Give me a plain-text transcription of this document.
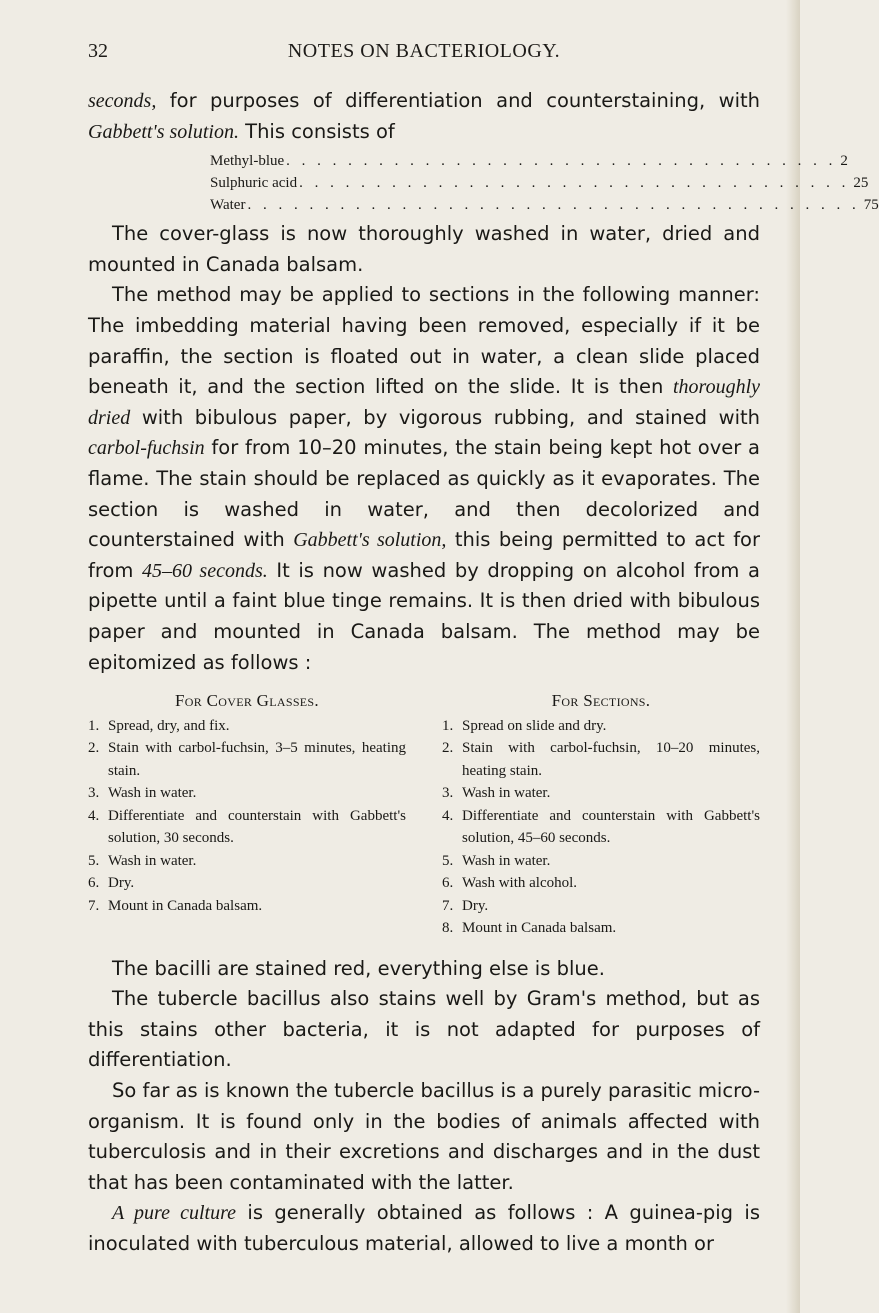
32	NOTES ON BACTERIOLOGY.

seconds, for purposes of differentiation and counterstaining, with Gabbett's solution. This consists of

Methyl-blue . . . . . . . . . . . . . . . . . . . . . . . . . . . . . . . . . . . . 2
Sulphuric acid . . . . . . . . . . . . . . . . . . . . . . . . . . . . . . . . . . . . 25
Water . . . . . . . . . . . . . . . . . . . . . . . . . . . . . . . . . . . . . . . . 75

The cover-glass is now thoroughly washed in water, dried and mounted in Canada balsam.

The method may be applied to sections in the following manner: The imbedding material having been removed, especially if it be paraffin, the section is floated out in water, a clean slide placed beneath it, and the section lifted on the slide. It is then thoroughly dried with bibulous paper, by vigorous rubbing, and stained with carbol-fuchsin for from 10–20 minutes, the stain being kept hot over a flame. The stain should be replaced as quickly as it evaporates. The section is washed in water, and then decolorized and counterstained with Gabbett's solution, this being permitted to act for from 45–60 seconds. It is now washed by dropping on alcohol from a pipette until a faint blue tinge remains. It is then dried with bibulous paper and mounted in Canada balsam. The method may be epitomized as follows :

For Cover Glasses.
1. Spread, dry, and fix.
2. Stain with carbol-fuchsin, 3–5 minutes, heating stain.
3. Wash in water.
4. Differentiate and counterstain with Gabbett's solution, 30 seconds.
5. Wash in water.
6. Dry.
7. Mount in Canada balsam.
For Sections.
1. Spread on slide and dry.
2. Stain with carbol-fuchsin, 10–20 minutes, heating stain.
3. Wash in water.
4. Differentiate and counterstain with Gabbett's solution, 45–60 seconds.
5. Wash in water.
6. Wash with alcohol.
7. Dry.
8. Mount in Canada balsam.

The bacilli are stained red, everything else is blue.

The tubercle bacillus also stains well by Gram's method, but as this stains other bacteria, it is not adapted for purposes of differentiation.

So far as is known the tubercle bacillus is a purely parasitic micro-organism. It is found only in the bodies of animals affected with tuberculosis and in their excretions and discharges and in the dust that has been contaminated with the latter.

A pure culture is generally obtained as follows : A guinea-pig is inoculated with tuberculous material, allowed to live a month or
